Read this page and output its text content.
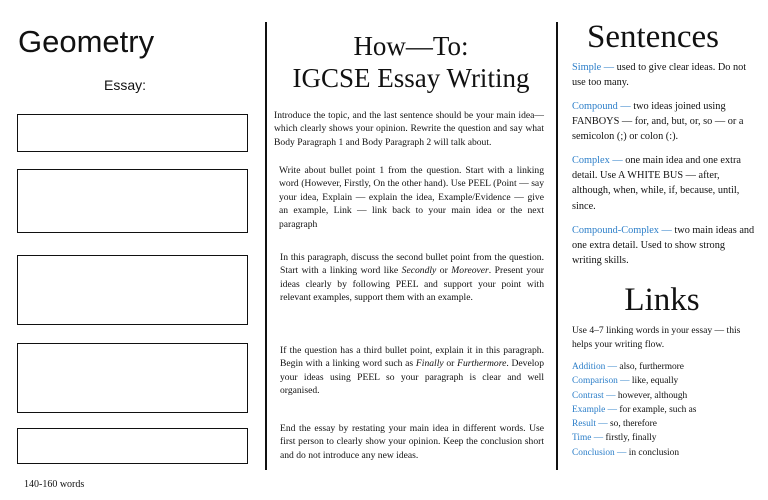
Geometry
Essay:
140-160 words
How—To:
IGCSE Essay Writing

Introduce the topic, and the last sentence should be your main idea—which clearly shows your opinion. Rewrite the question and say what Body Paragraph 1 and Body Paragraph 2 will talk about.

Write about bullet point 1 from the question. Start with a linking word (However, Firstly, On the other hand). Use PEEL (Point — say your idea, Explain — explain the idea, Example/Evidence — give an example, Link — link back to your main idea or the next paragraph

In this paragraph, discuss the second bullet point from the question. Start with a linking word like Secondly or Moreover. Present your ideas clearly by following PEEL and support your point with relevant examples, support them with an example.

If the question has a third bullet point, explain it in this paragraph. Begin with a linking word such as Finally or Furthermore. Develop your ideas using PEEL so your paragraph is clear and well organised.

End the essay by restating your main idea in different words. Use first person to clearly show your opinion. Keep the conclusion short and do not introduce any new ideas.

Sentences

Simple — used to give clear ideas. Do not use too many.

Compound — two ideas joined using FANBOYS — for, and, but, or, so — or a semicolon (;) or colon (:).

Complex — one main idea and one extra detail. Use A WHITE BUS — after, although, when, while, if, because, until, since.

Compound-Complex — two main ideas and one extra detail. Used to show strong writing skills.

Links

Use 4–7 linking words in your essay — this helps your writing flow.

Addition — also, furthermore
Comparison — like, equally
Contrast — however, although
Example — for example, such as
Result — so, therefore
Time — firstly, finally
Conclusion — in conclusion
